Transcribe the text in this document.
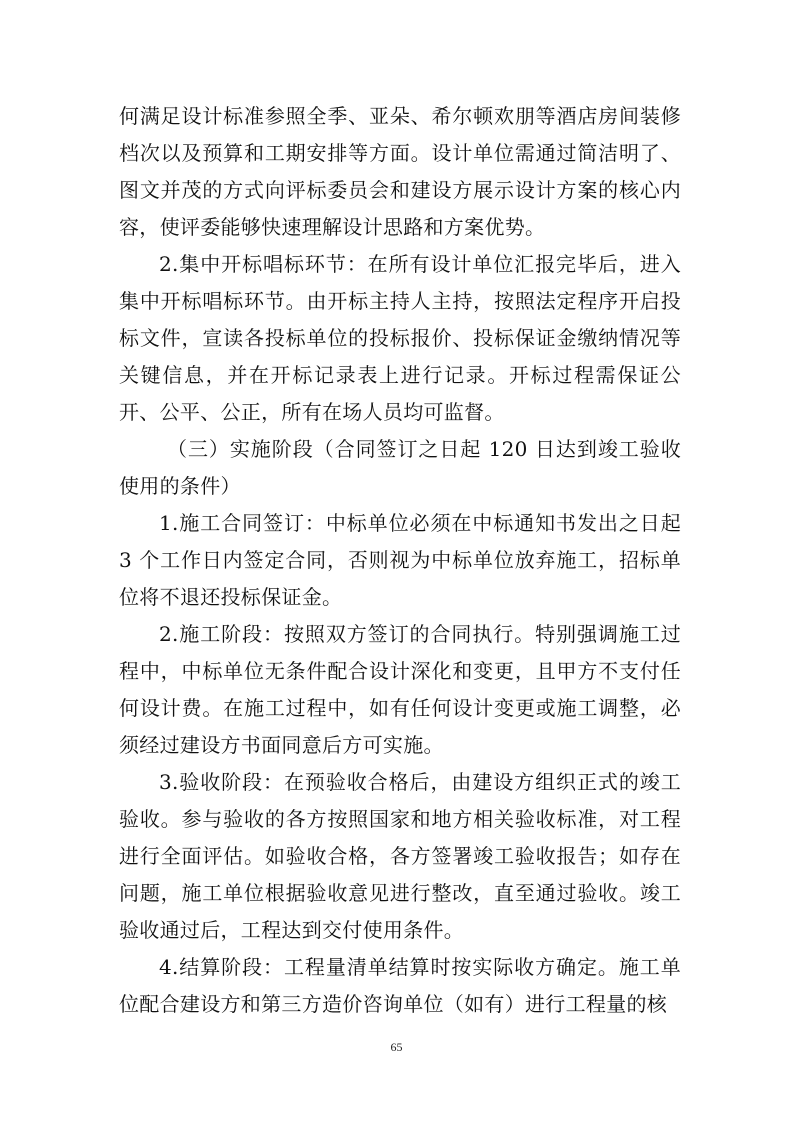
何满足设计标准参照全季、亚朵、希尔顿欢朋等酒店房间装修档次以及预算和工期安排等方面。设计单位需通过简洁明了、图文并茂的方式向评标委员会和建设方展示设计方案的核心内容，使评委能够快速理解设计思路和方案优势。

2.集中开标唱标环节：在所有设计单位汇报完毕后，进入集中开标唱标环节。由开标主持人主持，按照法定程序开启投标文件，宣读各投标单位的投标报价、投标保证金缴纳情况等关键信息，并在开标记录表上进行记录。开标过程需保证公开、公平、公正，所有在场人员均可监督。

（三）实施阶段（合同签订之日起 120 日达到竣工验收使用的条件）

1.施工合同签订：中标单位必须在中标通知书发出之日起 3 个工作日内签定合同，否则视为中标单位放弃施工，招标单位将不退还投标保证金。

2.施工阶段：按照双方签订的合同执行。特别强调施工过程中，中标单位无条件配合设计深化和变更，且甲方不支付任何设计费。在施工过程中，如有任何设计变更或施工调整，必须经过建设方书面同意后方可实施。

3.验收阶段：在预验收合格后，由建设方组织正式的竣工验收。参与验收的各方按照国家和地方相关验收标准，对工程进行全面评估。如验收合格，各方签署竣工验收报告；如存在问题，施工单位根据验收意见进行整改，直至通过验收。竣工验收通过后，工程达到交付使用条件。

4.结算阶段：工程量清单结算时按实际收方确定。施工单位配合建设方和第三方造价咨询单位（如有）进行工程量的核

65
